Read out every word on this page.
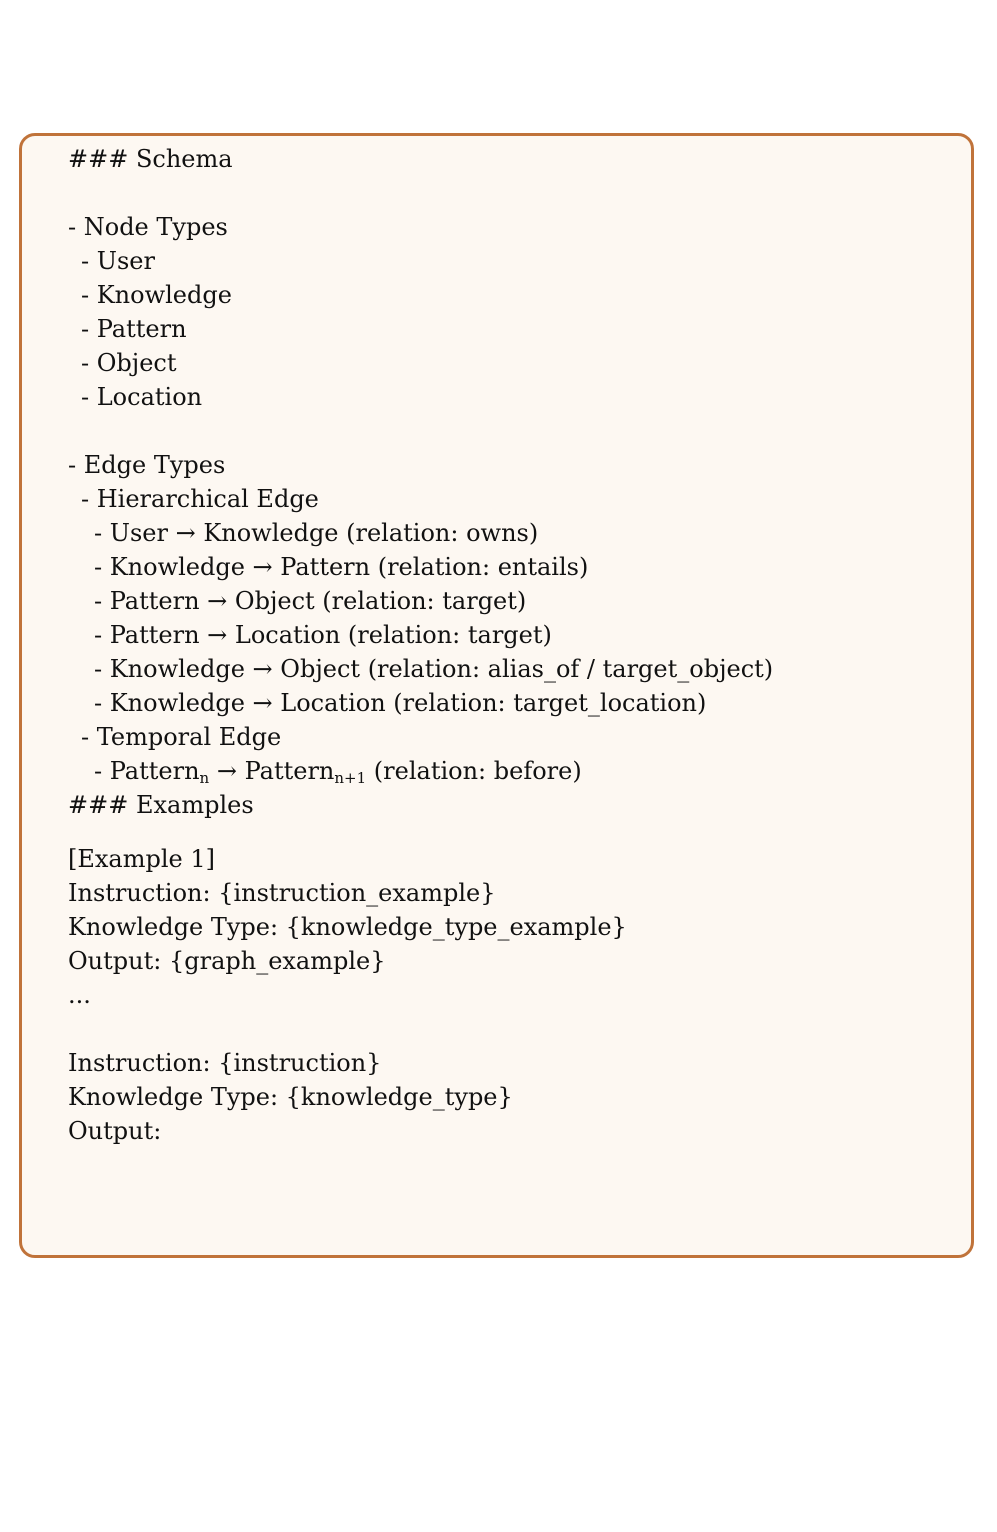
### Schema
- Node Types
- User
- Knowledge
- Pattern
- Object
- Location
- Edge Types
- Hierarchical Edge
- User → Knowledge (relation: owns)
- Knowledge → Pattern (relation: entails)
- Pattern → Object (relation: target)
- Pattern → Location (relation: target)
- Knowledge → Object (relation: alias_of / target_object)
- Knowledge → Location (relation: target_location)
- Temporal Edge
- Pattern$_n$ → Pattern$_{n+1}$ (relation: before)
### Examples
[Example 1]
Instruction: {instruction_example}
Knowledge Type: {knowledge_type_example}
Output: {graph_example}
...
Instruction: {instruction}
Knowledge Type: {knowledge_type}
Output:
